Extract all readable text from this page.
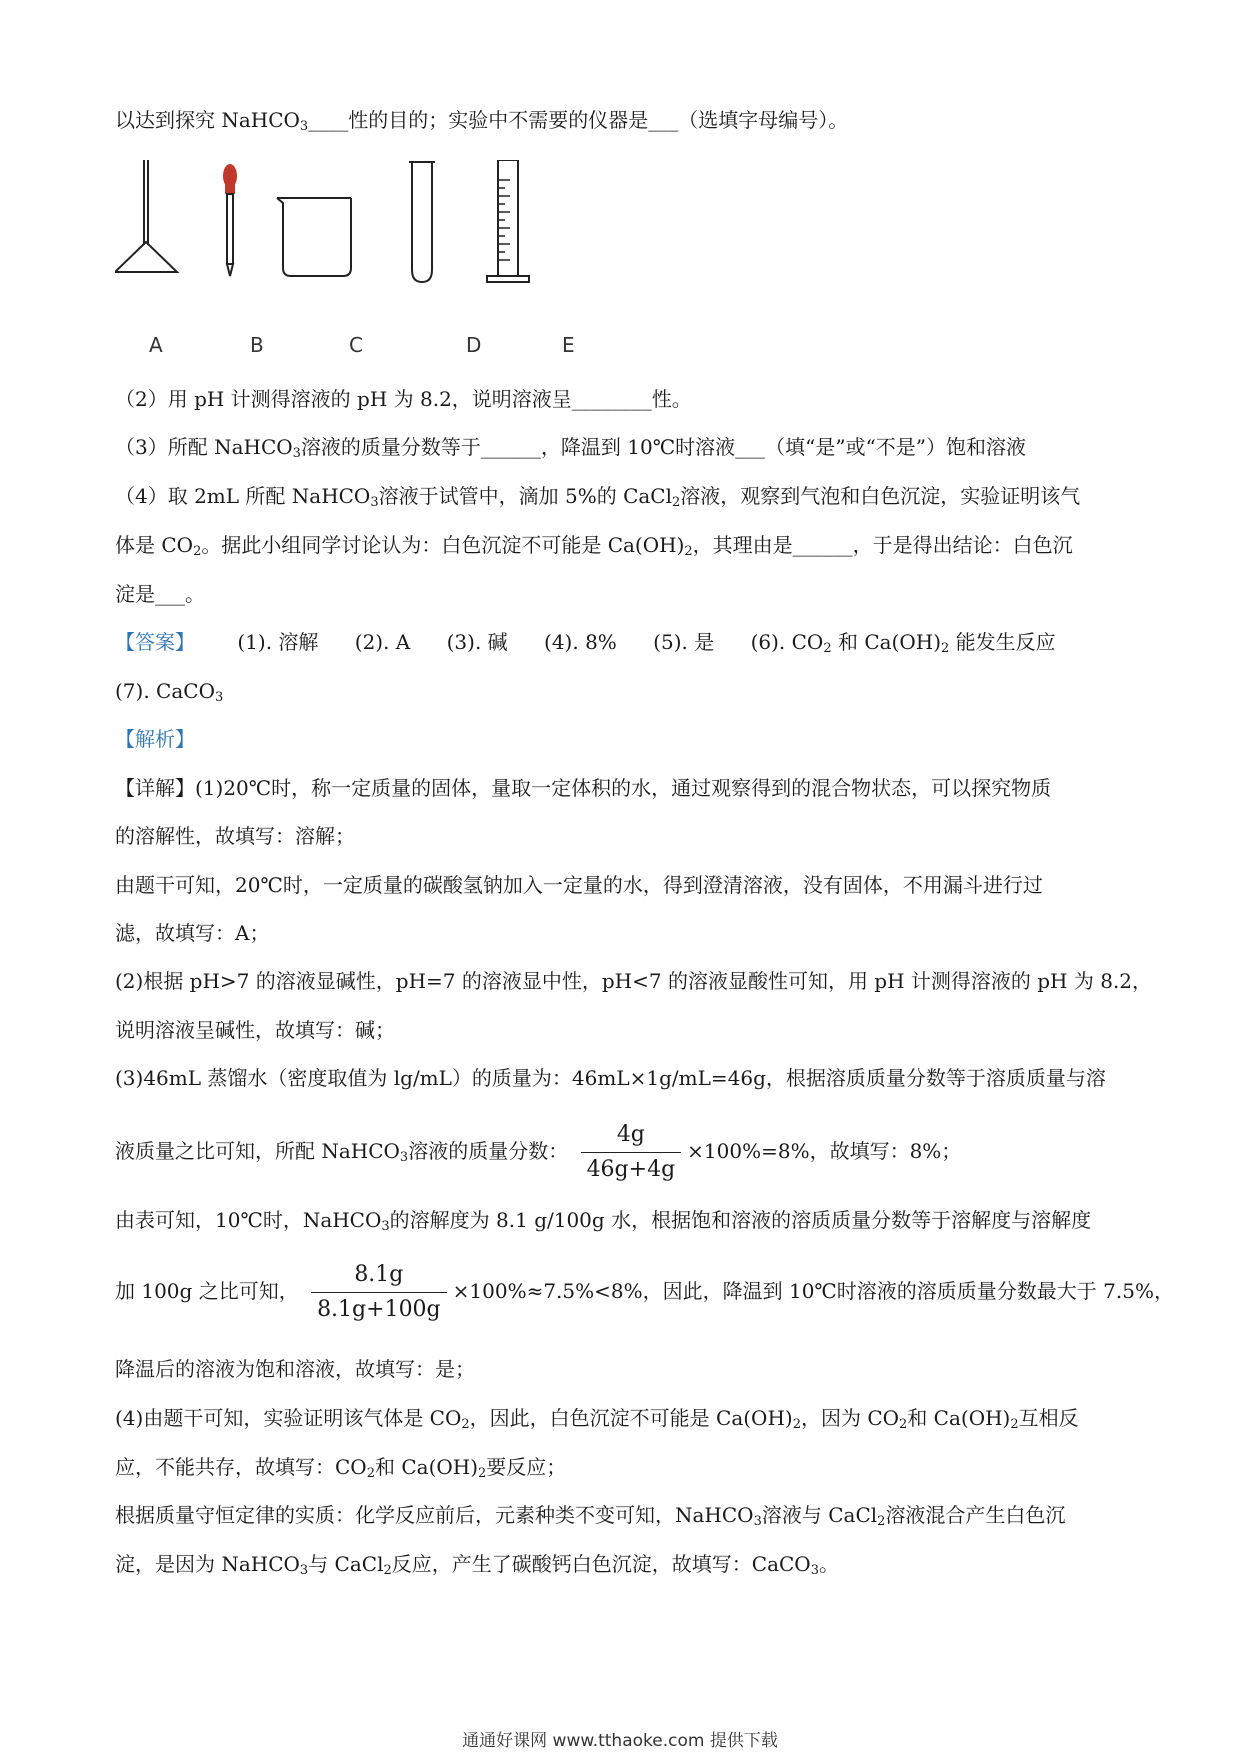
以达到探究 NaHCO$_3$____性的目的；实验中不需要的仪器是___（选填字母编号）。
A	B	C	D	E
（2）用 pH 计测得溶液的 pH 为 8.2，说明溶液呈________性。
（3）所配 NaHCO$_3$溶液的质量分数等于______，降温到 10℃时溶液___（填“是”或“不是”）饱和溶液
（4）取 2mL 所配 NaHCO$_3$溶液于试管中，滴加 5%的 CaCl$_2$溶液，观察到气泡和白色沉淀，实验证明该气
体是 $CO_2$。据此小组同学讨论认为：白色沉淀不可能是 $Ca(OH)_2$，其理由是______，于是得出结论：白色沉
淀是___。
【答案】 (1). 溶解 (2). A (3). 碱 (4). 8% (5). 是 (6). $CO_2$ 和 $Ca(OH)_2$ 能发生反应
(7). CaCO$_3$
【解析】
【详解】(1)20℃时，称一定质量的固体，量取一定体积的水，通过观察得到的混合物状态，可以探究物质
的溶解性，故填写：溶解；
由题干可知，20℃时，一定质量的碳酸氢钠加入一定量的水，得到澄清溶液，没有固体，不用漏斗进行过
滤，故填写：A；
(2)根据 pH>7 的溶液显碱性，pH=7 的溶液显中性，pH<7 的溶液显酸性可知，用 pH 计测得溶液的 pH 为 8.2，
说明溶液呈碱性，故填写：碱；
(3)46mL 蒸馏水（密度取值为 lg/mL）的质量为：46mL×1g/mL=46g，根据溶质质量分数等于溶质质量与溶
液质量之比可知，所配 NaHCO$_3$溶液的质量分数： $\frac{4g}{46g+4g} \times 100\%=8\%$，故填写：8%；
由表可知，10℃时，NaHCO$_3$的溶解度为 8.1 g/100g 水，根据饱和溶液的溶质质量分数等于溶解度与溶解度
加 100g 之比可知， $\frac{8.1g}{8.1g+100g} \times 100\%\approx 7.5\%<8\%$，因此，降温到 10℃时溶液的溶质质量分数最大于 7.5%，
降温后的溶液为饱和溶液，故填写：是；
(4)由题干可知，实验证明该气体是 $CO_2$，因此，白色沉淀不可能是 $Ca(OH)_2$，因为 $CO_2$和 $Ca(OH)_2$互相反
应，不能共存，故填写：$CO_2$和 $Ca(OH)_2$要反应；
根据质量守恒定律的实质：化学反应前后，元素种类不变可知，NaHCO$_3$溶液与 CaCl$_2$溶液混合产生白色沉
淀，是因为 NaHCO$_3$与 CaCl$_2$反应，产生了碳酸钙白色沉淀，故填写：CaCO$_3$。
通通好课网 www.tthaoke.com 提供下载
